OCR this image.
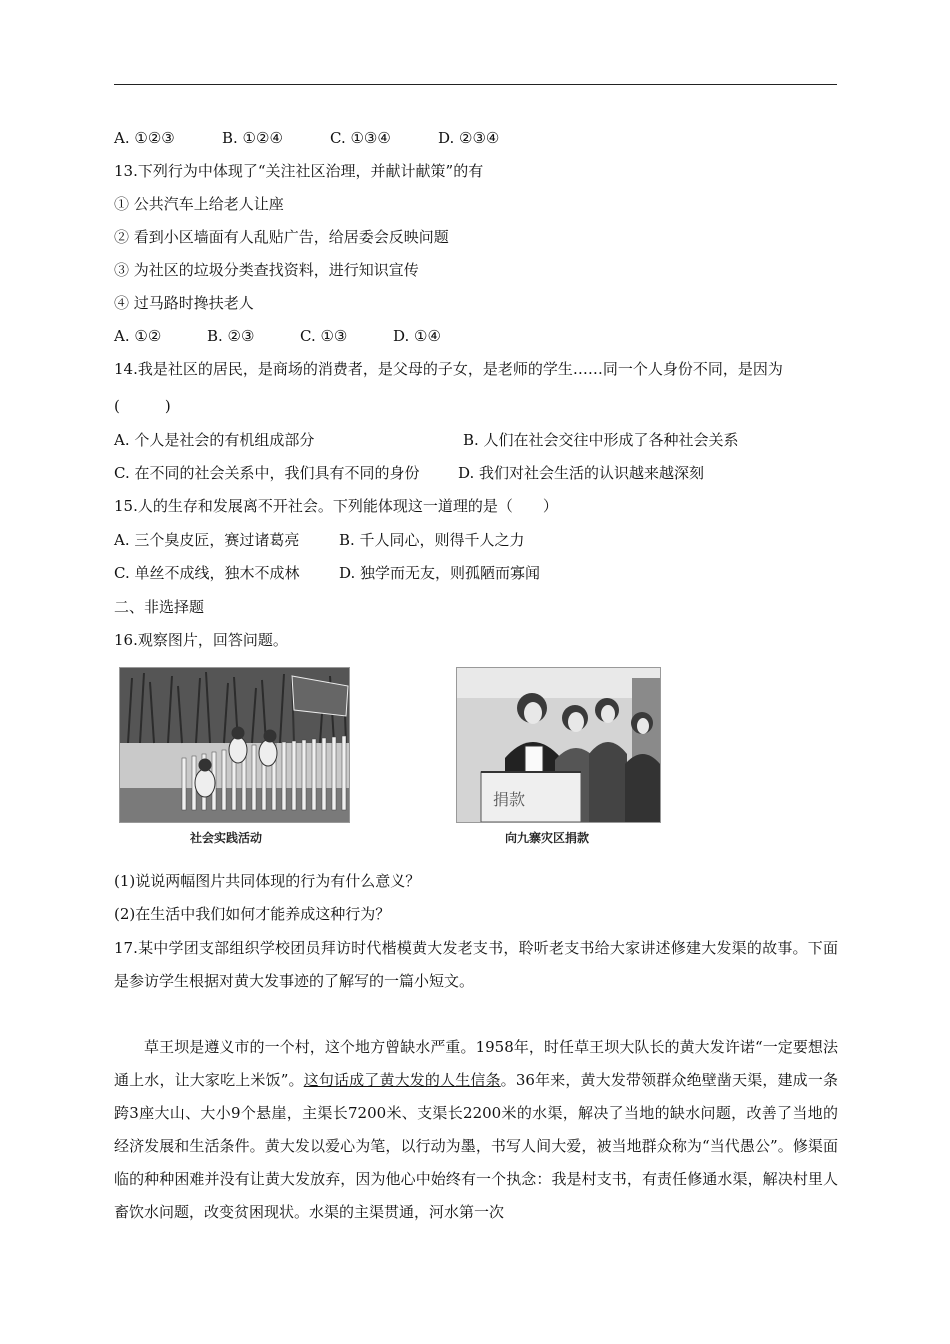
A. ①②③	B. ①②④	C. ①③④	D. ②③④
13.下列行为中体现了“关注社区治理，并献计献策”的有
① 公共汽车上给老人让座
② 看到小区墙面有人乱贴广告，给居委会反映问题
③ 为社区的垃圾分类查找资料，进行知识宣传
④ 过马路时搀扶老人
A. ①②	B. ②③	C. ①③	D. ①④
14.我是社区的居民，是商场的消费者，是父母的子女，是老师的学生……同一个人身份不同，是因为
(　　　)
A. 个人是社会的有机组成部分	B. 人们在社会交往中形成了各种社会关系
C. 在不同的社会关系中，我们具有不同的身份	D. 我们对社会生活的认识越来越深刻
15.人的生存和发展离不开社会。下列能体现这一道理的是（　　）
A. 三个臭皮匠，赛过诸葛亮	B. 千人同心，则得千人之力
C. 单丝不成线，独木不成林	D. 独学而无友，则孤陋而寡闻
二、非选择题
16.观察图片，回答问题。
社会实践活动
捐款
向九寨灾区捐款
(1)说说两幅图片共同体现的行为有什么意义？
(2)在生活中我们如何才能养成这种行为？
17.某中学团支部组织学校团员拜访时代楷模黄大发老支书，聆听老支书给大家讲述修建大发渠的故事。下面是参访学生根据对黄大发事迹的了解写的一篇小短文。
草王坝是遵义市的一个村，这个地方曾缺水严重。1958年，时任草王坝大队长的黄大发许诺“一定要想法通上水，让大家吃上米饭”。这句话成了黄大发的人生信条。36年来，黄大发带领群众绝壁凿天渠，建成一条跨3座大山、大小9个悬崖，主渠长7200米、支渠长2200米的水渠，解决了当地的缺水问题，改善了当地的经济发展和生活条件。黄大发以爱心为笔，以行动为墨，书写人间大爱，被当地群众称为“当代愚公”。修渠面临的种种困难并没有让黄大发放弃，因为他心中始终有一个执念：我是村支书，有责任修通水渠，解决村里人畜饮水问题，改变贫困现状。水渠的主渠贯通，河水第一次
